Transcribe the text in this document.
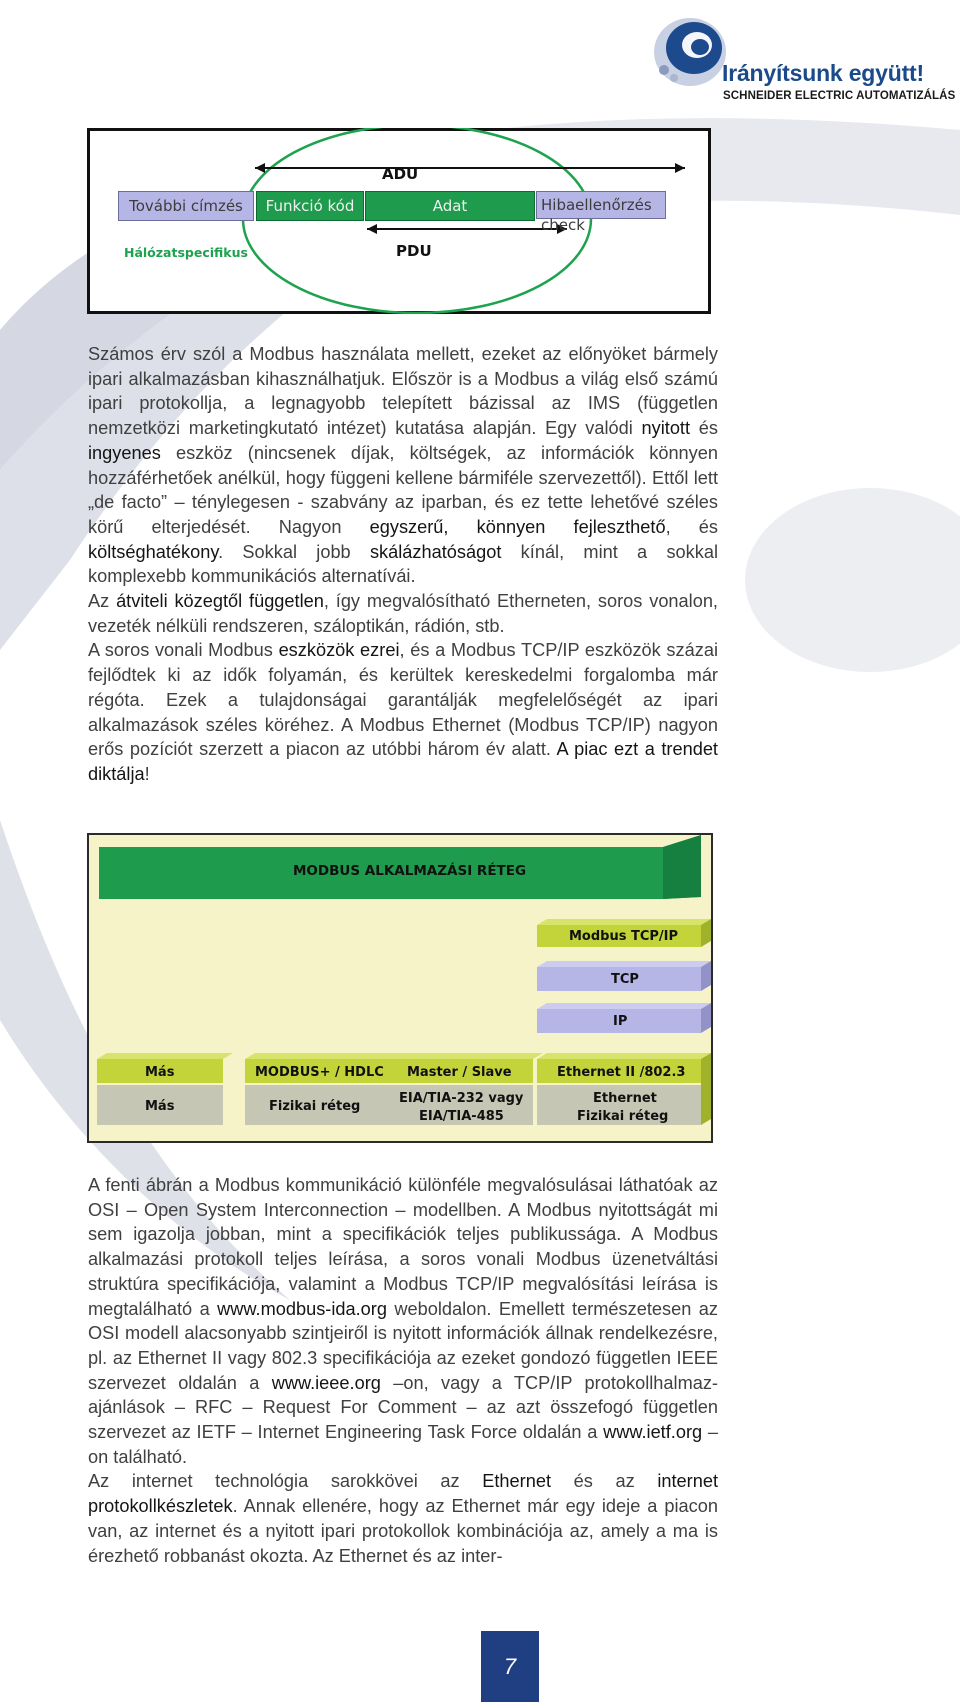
Irányítsunk együtt!
SCHNEIDER ELECTRIC AUTOMATIZÁLÁS
ADU
További címzés Funkció kód	Adat	Hibaellenőrzés check
Hálózatspecifikus	PDU

Számos érv szól a Modbus használata mellett, ezeket az előnyöket bármely ipari alkalmazásban kihasználhatjuk. Először is a Modbus a világ első számú ipari protokollja, a legnagyobb telepített bázissal az IMS (független nemzetközi marketingkutató intézet) kutatása alapján. Egy valódi nyitott és ingyenes eszköz (nincsenek díjak, költségek, az információk könnyen hozzáférhetőek anélkül, hogy függeni kellene bármiféle szervezettől). Ettől lett „de facto” – ténylegesen - szabvány az iparban, és ez tette lehetővé széles körű elterjedését. Nagyon egyszerű, könnyen fejleszthető, és költséghatékony. Sokkal jobb skálázhatóságot kínál, mint a sokkal komplexebb kommunikációs alternatívái.

Az átviteli közegtől független, így megvalósítható Etherneten, soros vonalon, vezeték nélküli rendszeren, száloptikán, rádión, stb.

A soros vonali Modbus eszközök ezrei, és a Modbus TCP/IP eszközök százai fejlődtek ki az idők folyamán, és kerültek kereskedelmi forgalomba már régóta. Ezek a tulajdonságai garantálják megfelelőségét az ipari alkalmazások széles köréhez. A Modbus Ethernet (Modbus TCP/IP) nagyon erős pozíciót szerzett a piacon az utóbbi három év alatt. A piac ezt a trendet diktálja!

MODBUS ALKALMAZÁSI RÉTEG
Modbus TCP/IP
TCP
IP
Más
Más
MODBUS+ / HDLC
Fizikai réteg
Master / Slave
EIA/TIA-232 vagy
EIA/TIA-485
Ethernet II /802.3
Ethernet
Fizikai réteg

A fenti ábrán a Modbus kommunikáció különféle megvalósulásai láthatóak az OSI – Open System Interconnection – modellben. A Modbus nyitottságát mi sem igazolja jobban, mint a specifikációk teljes publikussága. A Modbus alkalmazási protokoll teljes leírása, a soros vonali Modbus üzenetváltási struktúra specifikációja, valamint a Modbus TCP/IP megvalósítási leírása is megtalálható a www.modbus-ida.org weboldalon. Emellett természetesen az OSI modell alacsonyabb szintjeiről is nyitott információk állnak rendelkezésre, pl. az Ethernet II vagy 802.3 specifikációja az ezeket gondozó független IEEE szervezet oldalán a www.ieee.org –on, vagy a TCP/IP protokollhalmaz-ajánlások – RFC – Request For Comment – az azt összefogó független szervezet az IETF – Internet Engineering Task Force oldalán a www.ietf.org –on található.

Az internet technológia sarokkövei az Ethernet és az internet protokollkészletek. Annak ellenére, hogy az Ethernet már egy ideje a piacon van, az internet és a nyitott ipari protokollok kombinációja az, amely a ma is érezhető robbanást okozta. Az Ethernet és az inter-

7
